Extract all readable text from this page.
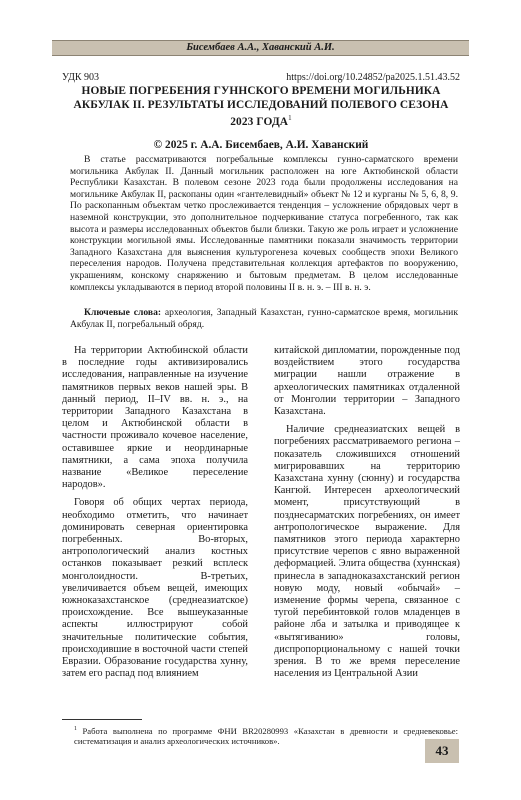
Бисембаев А.А., Хаванский А.И.
УДК 903	https://doi.org/10.24852/pa2025.1.51.43.52
НОВЫЕ ПОГРЕБЕНИЯ ГУННСКОГО ВРЕМЕНИ МОГИЛЬНИКА АКБУЛАК II. РЕЗУЛЬТАТЫ ИССЛЕДОВАНИЙ ПОЛЕВОГО СЕЗОНА 2023 ГОДА$^1$
© 2025 г. А.А. Бисембаев, А.И. Хаванский

В статье рассматриваются погребальные комплексы гунно-сарматского времени могильника Акбулак II. Данный могильник расположен на юге Актюбинской области Республики Казахстан. В полевом сезоне 2023 года были продолжены исследования на могильнике Акбулак II, раскопаны один «гантелевидный» объект № 12 и курганы № 5, 6, 8, 9. По раскопанным объектам четко прослеживается тенденция – усложнение обрядовых черт в наземной конструкции, это дополнительное подчеркивание статуса погребенного, так как высота и размеры исследованных объектов были близки. Такую же роль играет и усложнение конструкции могильной ямы. Исследованные памятники показали значимость территории Западного Казахстана для выяснения культурогенеза кочевых сообществ эпохи Великого переселения народов. Получена представительная коллекция артефактов по вооружению, украшениям, конскому снаряжению и бытовым предметам. В целом исследованные комплексы укладываются в период второй половины II в. н. э. – III в. н. э.

Ключевые слова: археология, Западный Казахстан, гунно-сарматское время, могильник Акбулак II, погребальный обряд.

На территории Актюбинской области в последние годы активизировались исследования, направленные на изучение памятников первых веков нашей эры. В данный период, II–IV вв. н. э., на территории Западного Казахстана в целом и Актюбинской области в частности проживало кочевое население, оставившее яркие и неординарные памятники, а сама эпоха получила название «Великое переселение народов».

Говоря об общих чертах периода, необходимо отметить, что начинает доминировать северная ориентировка погребенных. Во-вторых, антропологический анализ костных останков показывает резкий всплеск монголоидности. В-третьих, увеличивается объем вещей, имеющих южноказахстанское (среднеазиатское) происхождение. Все вышеуказанные аспекты иллюстрируют собой значительные политические события, происходившие в восточной части степей Евразии. Образование государства хунну, затем его распад под влиянием

китайской дипломатии, порожденные под воздействием этого государства миграции нашли отражение в археологических памятниках отдаленной от Монголии территории – Западного Казахстана.

Наличие среднеазиатских вещей в погребениях рассматриваемого региона – показатель сложившихся отношений мигрировавших на территорию Казахстана хунну (сюнну) и государства Кангюй. Интересен археологический момент, присутствующий в позднесарматских погребениях, он имеет антропологическое выражение. Для памятников этого периода характерно присутствие черепов с явно выраженной деформацией. Элита общества (хуннская) принесла в западноказахстанский регион новую моду, новый «обычай» – изменение формы черепа, связанное с тугой перебинтовкой голов младенцев в районе лба и затылка и приводящее к «вытягиванию» головы, диспропорциональному с нашей точки зрения. В то же время переселение населения из Центральной Азии

$^1$ Работа выполнена по программе ФНИ BR20280993 «Казахстан в древности и средневековье: систематизация и анализ археологических источников».

43
